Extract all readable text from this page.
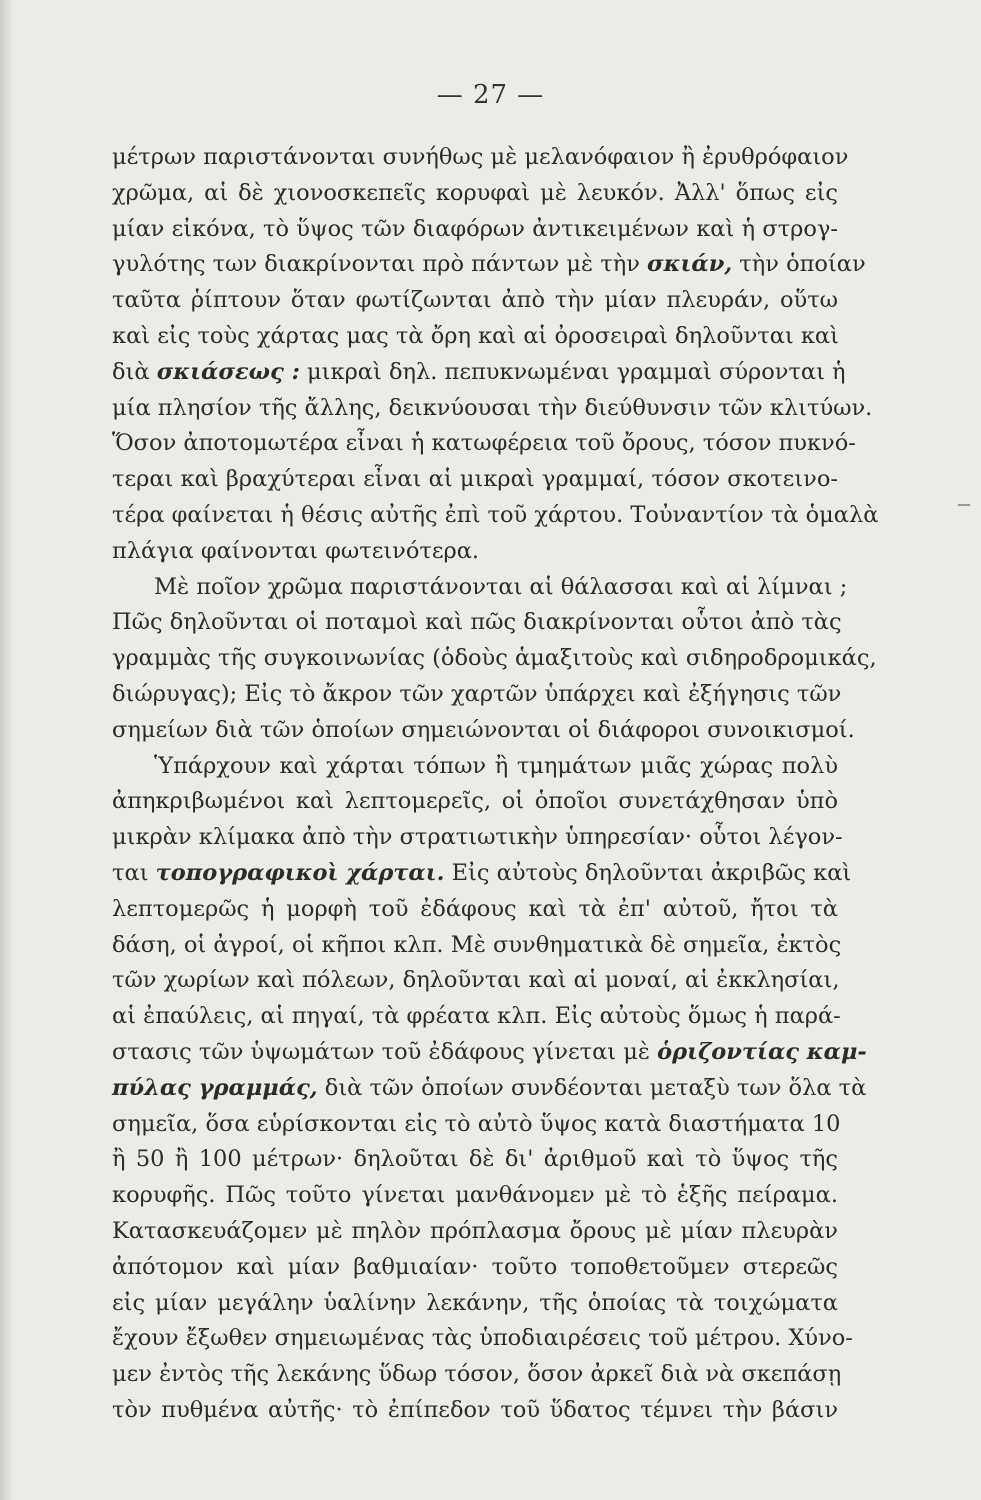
— 27 —
μέτρων παριστάνονται συνήθως μὲ μελανόφαιον ἢ ἐρυθρόφαιον
χρῶμα, αἱ δὲ χιονοσκεπεῖς κορυφαὶ μὲ λευκόν. Ἀλλ' ὅπως εἰς
μίαν εἰκόνα, τὸ ὕψος τῶν διαφόρων ἀντικειμένων καὶ ἡ στρογ-
γυλότης των διακρίνονται πρὸ πάντων μὲ τὴν σκιάν, τὴν ὁποίαν
ταῦτα ῥίπτουν ὅταν φωτίζωνται ἀπὸ τὴν μίαν πλευράν, οὕτω
καὶ εἰς τοὺς χάρτας μας τὰ ὄρη καὶ αἱ ὀροσειραὶ δηλοῦνται καὶ
διὰ σκιάσεως : μικραὶ δηλ. πεπυκνωμέναι γραμμαὶ σύρονται ἡ
μία πλησίον τῆς ἄλλης, δεικνύουσαι τὴν διεύθυνσιν τῶν κλιτύων.
Ὅσον ἀποτομωτέρα εἶναι ἡ κατωφέρεια τοῦ ὄρους, τόσον πυκνό-
τεραι καὶ βραχύτεραι εἶναι αἱ μικραὶ γραμμαί, τόσον σκοτεινο-
τέρα φαίνεται ἡ θέσις αὐτῆς ἐπὶ τοῦ χάρτου. Τοὐναντίον τὰ ὁμαλὰ
πλάγια φαίνονται φωτεινότερα.
Μὲ ποῖον χρῶμα παριστάνονται αἱ θάλασσαι καὶ αἱ λίμναι ;
Πῶς δηλοῦνται οἱ ποταμοὶ καὶ πῶς διακρίνονται οὗτοι ἀπὸ τὰς
γραμμὰς τῆς συγκοινωνίας (ὁδοὺς ἁμαξιτοὺς καὶ σιδηροδρομικάς,
διώρυγας); Εἰς τὸ ἄκρον τῶν χαρτῶν ὑπάρχει καὶ ἐξήγησις τῶν
σημείων διὰ τῶν ὁποίων σημειώνονται οἱ διάφοροι συνοικισμοί.
Ὑπάρχουν καὶ χάρται τόπων ἢ τμημάτων μιᾶς χώρας πολὺ
ἀπηκριβωμένοι καὶ λεπτομερεῖς, οἱ ὁποῖοι συνετάχθησαν ὑπὸ
μικρὰν κλίμακα ἀπὸ τὴν στρατιωτικὴν ὑπηρεσίαν· οὗτοι λέγον-
ται τοπογραφικοὶ χάρται. Εἰς αὐτοὺς δηλοῦνται ἀκριβῶς καὶ
λεπτομερῶς ἡ μορφὴ τοῦ ἐδάφους καὶ τὰ ἐπ' αὐτοῦ, ἤτοι τὰ
δάση, οἱ ἀγροί, οἱ κῆποι κλπ. Μὲ συνθηματικὰ δὲ σημεῖα, ἐκτὸς
τῶν χωρίων καὶ πόλεων, δηλοῦνται καὶ αἱ μοναί, αἱ ἐκκλησίαι,
αἱ ἐπαύλεις, αἱ πηγαί, τὰ φρέατα κλπ. Εἰς αὐτοὺς ὅμως ἡ παρά-
στασις τῶν ὑψωμάτων τοῦ ἐδάφους γίνεται μὲ ὁριζοντίας καμ-
πύλας γραμμάς, διὰ τῶν ὁποίων συνδέονται μεταξὺ των ὅλα τὰ
σημεῖα, ὅσα εὑρίσκονται εἰς τὸ αὐτὸ ὕψος κατὰ διαστήματα 10
ἢ 50 ἢ 100 μέτρων· δηλοῦται δὲ δι' ἀριθμοῦ καὶ τὸ ὕψος τῆς
κορυφῆς. Πῶς τοῦτο γίνεται μανθάνομεν μὲ τὸ ἑξῆς πείραμα.
Κατασκευάζομεν μὲ πηλὸν πρόπλασμα ὄρους μὲ μίαν πλευρὰν
ἀπότομον καὶ μίαν βαθμιαίαν· τοῦτο τοποθετοῦμεν στερεῶς
εἰς μίαν μεγάλην ὑαλίνην λεκάνην, τῆς ὁποίας τὰ τοιχώματα
ἔχουν ἔξωθεν σημειωμένας τὰς ὑποδιαιρέσεις τοῦ μέτρου. Χύνο-
μεν ἐντὸς τῆς λεκάνης ὕδωρ τόσον, ὅσον ἀρκεῖ διὰ νὰ σκεπάσῃ
τὸν πυθμένα αὐτῆς· τὸ ἐπίπεδον τοῦ ὕδατος τέμνει τὴν βάσιν
